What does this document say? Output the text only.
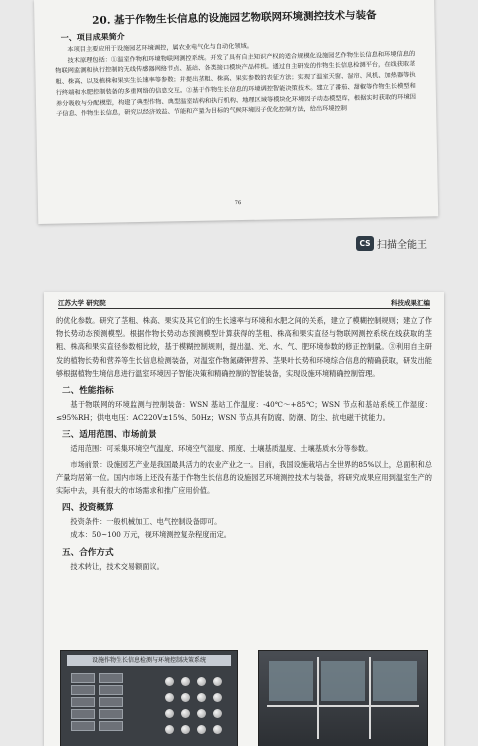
20. 基于作物生长信息的设施园艺物联网环境测控技术与装备
一、项目成果简介

本项目主要应用于设施园艺环境调控，属农业电气化与自动化领域。

技术原理包括：①温室作物和环境物联网测控系统。开发了具有自主知识产权的适合规模化设施园艺作物生长信息和环境信息的物联网监测和执行控制的无线传感器网络节点、基站、各类接口模块产品样机。通过自主研发的作物生长信息检测平台，在线获取茎粗、株高、以及植株和果实生长速率等参数；并提出茎粗、株高、果实参数的表征方法；实现了温室天窗、湿帘、风机、加热器等执行终端和水肥控制装备的多重网络的信息交互。②基于作物生长信息的环境调控智能决策技术。建立了番茄、甜椒等作物生长模型和养分吸收与分配模型，构建了典型作物、典型温室结构和执行机构、地理区域等模块化环境因子动态模型库，根据实时获取的环境因子信息、作物生长信息，研究以经济效益、节能和产量为目标的气候环境因子优化控制方法，给出环境控制

76
CS 扫描全能王
江苏大学 研究院	科技成果汇编

的优化参数。研究了茎粗、株高、果实及其它们的生长速率与环境和水肥之间的关系，建立了模糊控制规则；建立了作物长势动态预测模型。根据作物长势动态预测模型计算获得的茎粗、株高和果实直径与物联网测控系统在线获取的茎粗、株高和果实直径参数相比较，基于模糊控制规则，提出温、光、水、气、肥环境参数的修正控制量。③利用自主研发的植物长势和营养等生长信息检测装备，对温室作物氮磷钾营养、茎果叶长势和环境综合信息的精确获取，研发出能够根据植物生境信息进行温室环境因子智能决策和精确控制的智能装备，实现设施环境精确控制管理。

二、性能指标

基于物联网的环境监测与控制装备：WSN 基站工作温度：-40℃～+85℃；WSN 节点和基站系统工作湿度：≤95%RH；供电电压：AC220V±15%、50Hz；WSN 节点具有防腐、防潮、防尘、抗电磁干扰能力。

三、适用范围、市场前景

适用范围：可采集环境空气温度、环境空气湿度、照度、土壤基质温度、土壤基质水分等参数。

市场前景：设施园艺产业是我国最具活力的农业产业之一。目前，我国设施栽培占全世界的85%以上，总面积和总产量均居第一位。国内市场上还没有基于作物生长信息的设施园艺环境测控技术与装备，将研究成果应用到温室生产的实际中去，具有很大的市场需求和推广应用价值。

四、投资概算

投资条件：一般机械加工、电气控制设备即可。

成本：50~100 万元，视环境测控复杂程度而定。

五、合作方式

技术转让，技术交易额面议。

设施作物生长信息检测与环境控制决策系统
